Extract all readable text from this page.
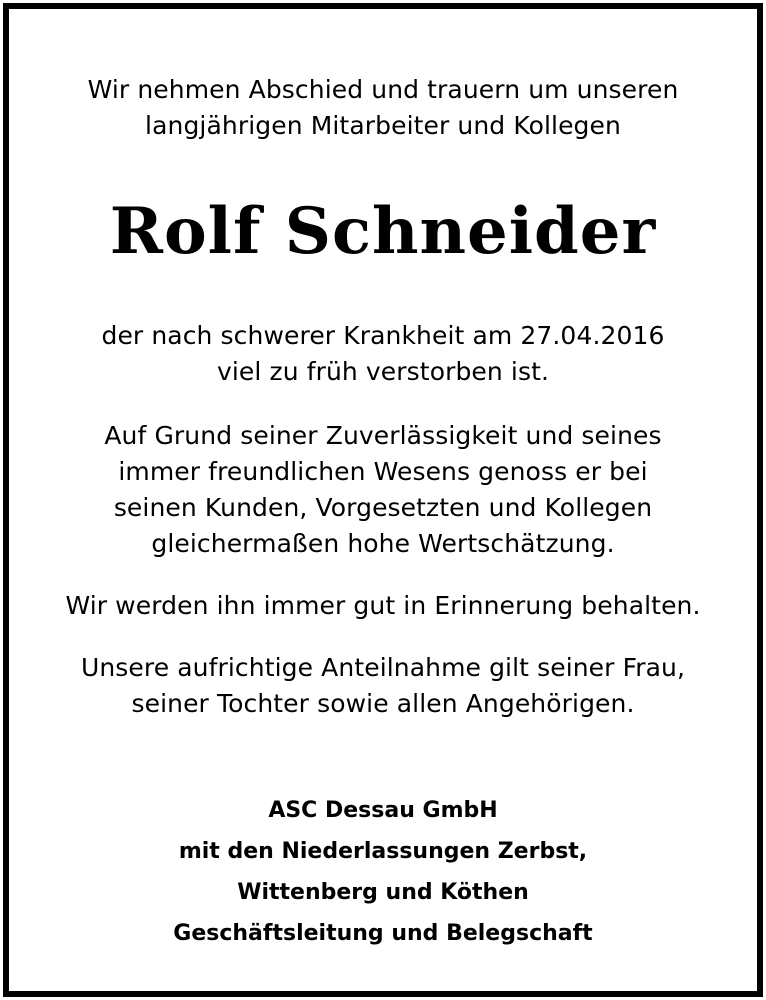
Wir nehmen Abschied und trauern um unseren
langjährigen Mitarbeiter und Kollegen
Rolf Schneider
der nach schwerer Krankheit am 27.04.2016
viel zu früh verstorben ist.
Auf Grund seiner Zuverlässigkeit und seines
immer freundlichen Wesens genoss er bei
seinen Kunden, Vorgesetzten und Kollegen
gleichermaßen hohe Wertschätzung.
Wir werden ihn immer gut in Erinnerung behalten.
Unsere aufrichtige Anteilnahme gilt seiner Frau,
seiner Tochter sowie allen Angehörigen.
ASC Dessau GmbH
mit den Niederlassungen Zerbst,
Wittenberg und Köthen
Geschäftsleitung und Belegschaft
